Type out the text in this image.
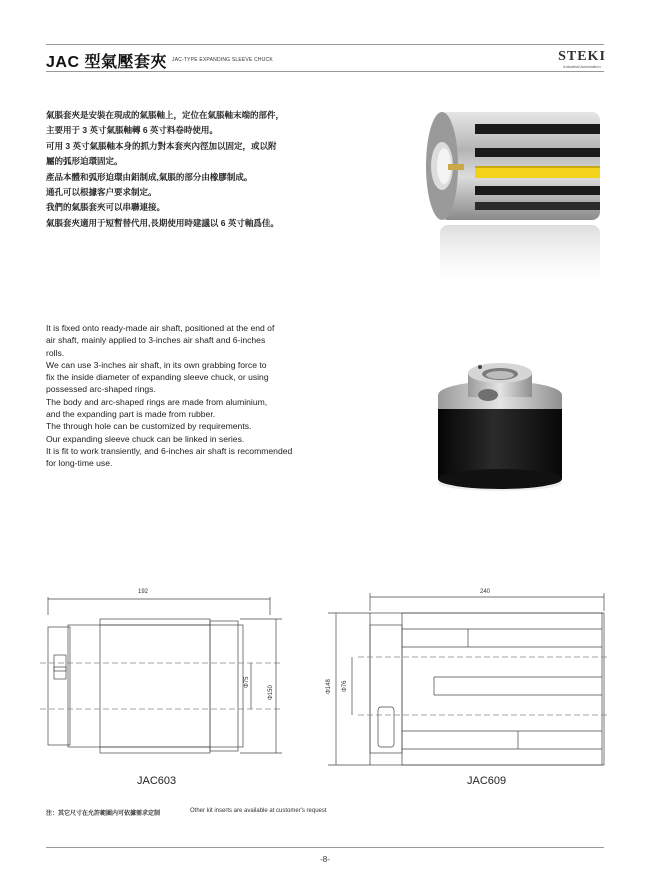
JAC 型氣壓套夾 JAC-TYPE EXPANDING SLEEVE CHUCK	STEKI
Industrial Automation
氣脹套夾是安裝在現成的氣脹軸上，定位在氣脹軸末端的部件，
主要用于 3 英寸氣脹軸轉 6 英寸料卷時使用。
可用 3 英寸氣脹軸本身的抓力對本套夾內徑加以固定，或以附
屬的弧形迫環固定。
產品本體和弧形迫環由鋁制成,氣脹的部分由橡膠制成。
通孔可以根據客户要求制定。
我們的氣脹套夾可以串聯連接。
氣脹套夾適用于短暫替代用,長期使用時建議以 6 英寸軸爲佳。
It is fixed onto ready-made air shaft, positioned at the end of
air shaft, mainly applied to 3-inches air shaft and 6-inches
rolls.
We can use 3-inches air shaft, in its own grabbing force to
fix the inside diameter of expanding sleeve chuck, or using
possessed arc-shaped rings.
The body and arc-shaped rings are made from aluminium,
and the expanding part is made from rubber.
The through hole can be customized by requirements.
Our expanding sleeve chuck can be linked in series.
It is fit to work transiently, and 6-inches air shaft is recommended
for long-time use.
192
Φ75
Φ150
JAC603
240
Φ148 Φ76
JAC609
注：其它尺寸在允許範圍内可依據需求定制	Other kit inserts are available at customer's request
-8-
